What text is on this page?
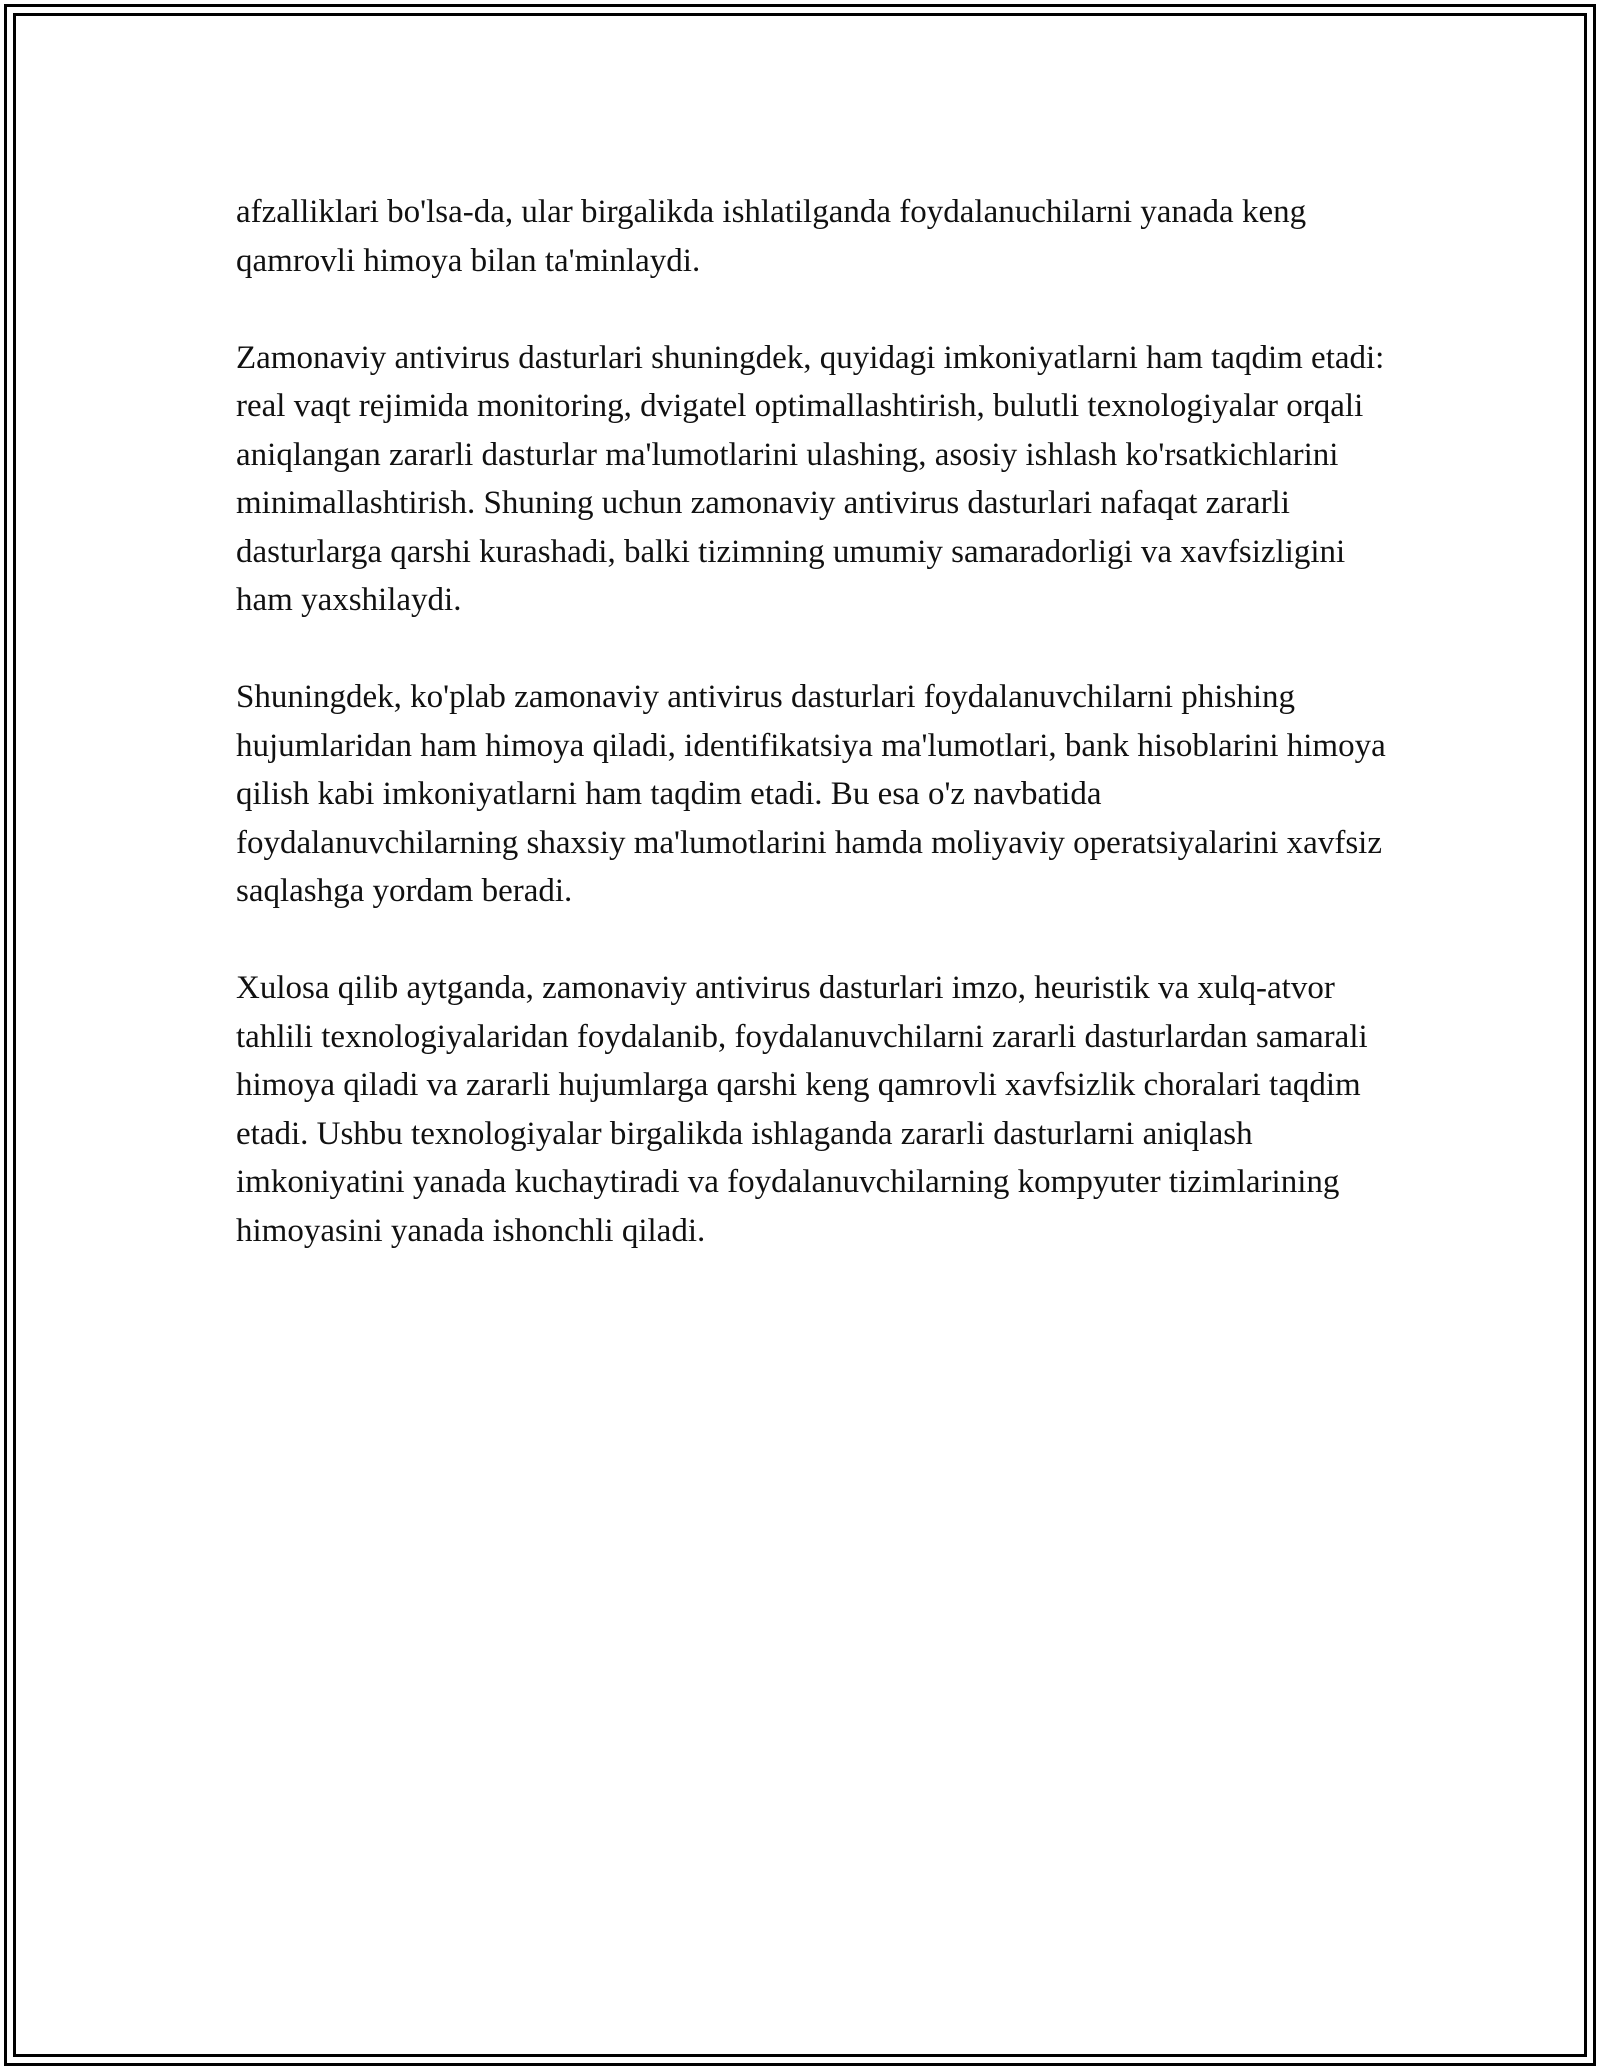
afzalliklari bo'lsa-da, ular birgalikda ishlatilganda foydalanuchilarni yanada keng qamrovli himoya bilan ta'minlaydi.

Zamonaviy antivirus dasturlari shuningdek, quyidagi imkoniyatlarni ham taqdim etadi: real vaqt rejimida monitoring, dvigatel optimallashtirish, bulutli texnologiyalar orqali aniqlangan zararli dasturlar ma'lumotlarini ulashing, asosiy ishlash ko'rsatkichlarini minimallashtirish. Shuning uchun zamonaviy antivirus dasturlari nafaqat zararli dasturlarga qarshi kurashadi, balki tizimning umumiy samaradorligi va xavfsizligini ham yaxshilaydi.

Shuningdek, ko'plab zamonaviy antivirus dasturlari foydalanuvchilarni phishing hujumlaridan ham himoya qiladi, identifikatsiya ma'lumotlari, bank hisoblarini himoya qilish kabi imkoniyatlarni ham taqdim etadi. Bu esa o'z navbatida foydalanuvchilarning shaxsiy ma'lumotlarini hamda moliyaviy operatsiyalarini xavfsiz saqlashga yordam beradi.

Xulosa qilib aytganda, zamonaviy antivirus dasturlari imzo, heuristik va xulq-atvor tahlili texnologiyalaridan foydalanib, foydalanuvchilarni zararli dasturlardan samarali himoya qiladi va zararli hujumlarga qarshi keng qamrovli xavfsizlik choralari taqdim etadi. Ushbu texnologiyalar birgalikda ishlaganda zararli dasturlarni aniqlash imkoniyatini yanada kuchaytiradi va foydalanuvchilarning kompyuter tizimlarining himoyasini yanada ishonchli qiladi.
